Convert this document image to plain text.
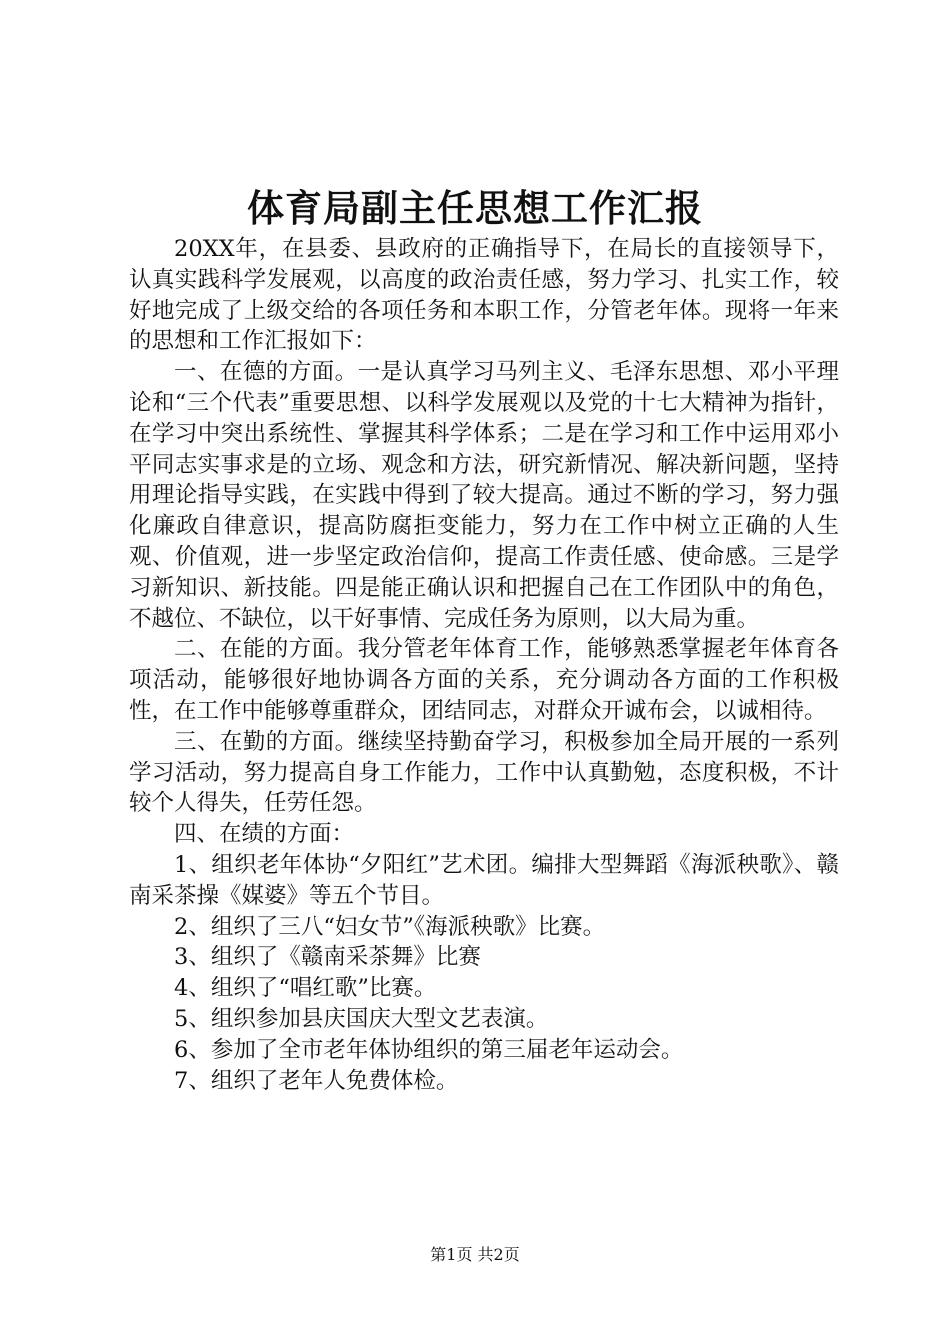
体育局副主任思想工作汇报

20XX年，在县委、县政府的正确指导下，在局长的直接领导下，认真实践科学发展观，以高度的政治责任感，努力学习、扎实工作，较好地完成了上级交给的各项任务和本职工作，分管老年体。现将一年来的思想和工作汇报如下：

一、在德的方面。一是认真学习马列主义、毛泽东思想、邓小平理论和“三个代表”重要思想、以科学发展观以及党的十七大精神为指针，在学习中突出系统性、掌握其科学体系；二是在学习和工作中运用邓小平同志实事求是的立场、观念和方法，研究新情况、解决新问题，坚持用理论指导实践，在实践中得到了较大提高。通过不断的学习，努力强化廉政自律意识，提高防腐拒变能力，努力在工作中树立正确的人生观、价值观，进一步坚定政治信仰，提高工作责任感、使命感。三是学习新知识、新技能。四是能正确认识和把握自己在工作团队中的角色，不越位、不缺位，以干好事情、完成任务为原则，以大局为重。

二、在能的方面。我分管老年体育工作，能够熟悉掌握老年体育各项活动，能够很好地协调各方面的关系，充分调动各方面的工作积极性，在工作中能够尊重群众，团结同志，对群众开诚布会，以诚相待。

三、在勤的方面。继续坚持勤奋学习，积极参加全局开展的一系列学习活动，努力提高自身工作能力，工作中认真勤勉，态度积极，不计较个人得失，任劳任怨。

四、在绩的方面：

1、组织老年体协“夕阳红”艺术团。编排大型舞蹈《海派秧歌》、赣南采茶操《媒婆》等五个节目。

2、组织了三八“妇女节”《海派秧歌》比赛。

3、组织了《赣南采茶舞》比赛

4、组织了“唱红歌”比赛。

5、组织参加县庆国庆大型文艺表演。

6、参加了全市老年体协组织的第三届老年运动会。

7、组织了老年人免费体检。

第1页 共2页
